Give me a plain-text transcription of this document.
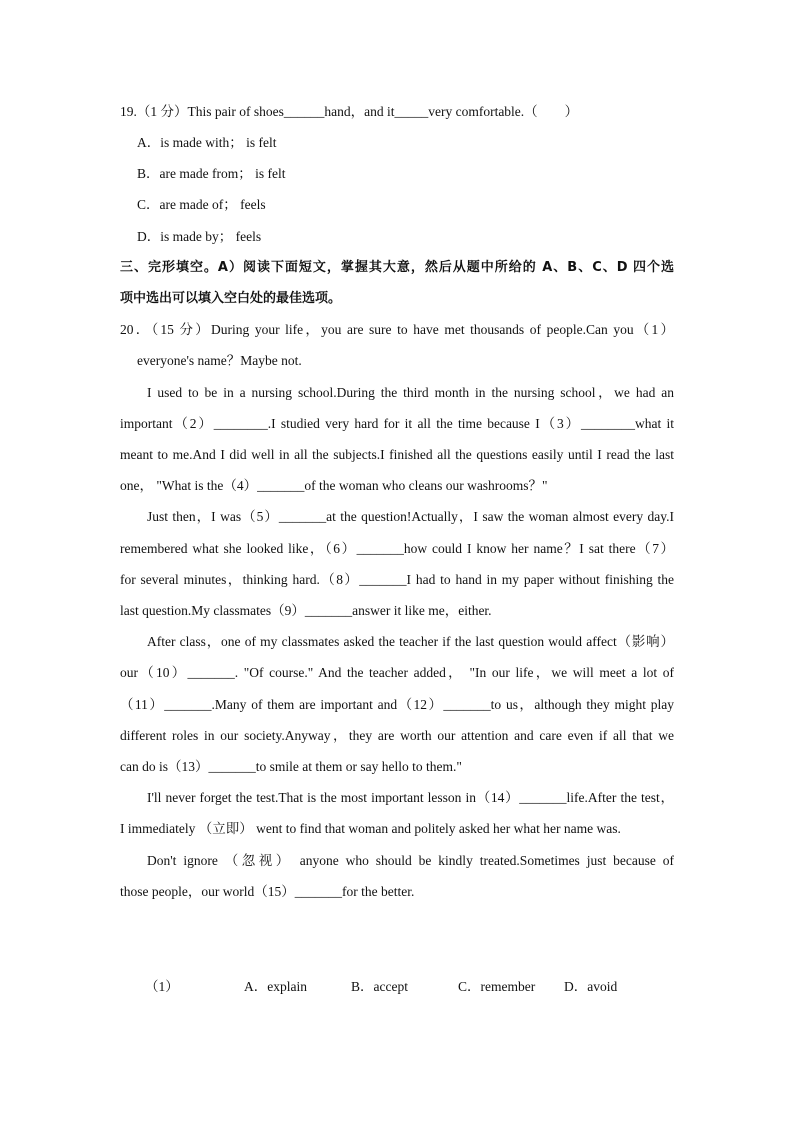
19.（1 分）This pair of shoes______hand，and it_____very comfortable.（　　）
A．is made with； is felt
B．are made from； is felt
C．are made of； feels
D．is made by； feels
三、完形填空。A）阅读下面短文，掌握其大意，然后从题中所给的 A、B、C、D 四个选
项中选出可以填入空白处的最佳选项。
20．（15 分）During your life，you are sure to have met thousands of people.Can you（1）
everyone's name？Maybe not.
I used to be in a nursing school.During the third month in the nursing school，we had an
important（2）________.I studied very hard for it all the time because I（3）________what it
meant to me.And I did well in all the subjects.I finished all the questions easily until I read the last
one， "What is the（4）_______of the woman who cleans our washrooms？"
Just then，I was（5）_______at the question!Actually，I saw the woman almost every day.I
remembered what she looked like，（6）_______how could I know her name？I sat there（7）
for several minutes，thinking hard.（8）_______I had to hand in my paper without finishing the
last question.My classmates（9）_______answer it like me，either.
After class，one of my classmates asked the teacher if the last question would affect（影响）
our（10）_______. "Of course." And the teacher added， "In our life，we will meet a lot of
（11）_______.Many of them are important and（12）_______to us，although they might play
different roles in our society.Anyway，they are worth our attention and care even if all that we
can do is（13）_______to smile at them or say hello to them."
I'll never forget the test.That is the most important lesson in（14）_______life.After the test，
I immediately （立即） went to find that woman and politely asked her what her name was.
Don't ignore （忽视） anyone who should be kindly treated.Sometimes just because of
those people，our world（15）_______for the better.
（1）	A．explain	B．accept	C．remember D．avoid
